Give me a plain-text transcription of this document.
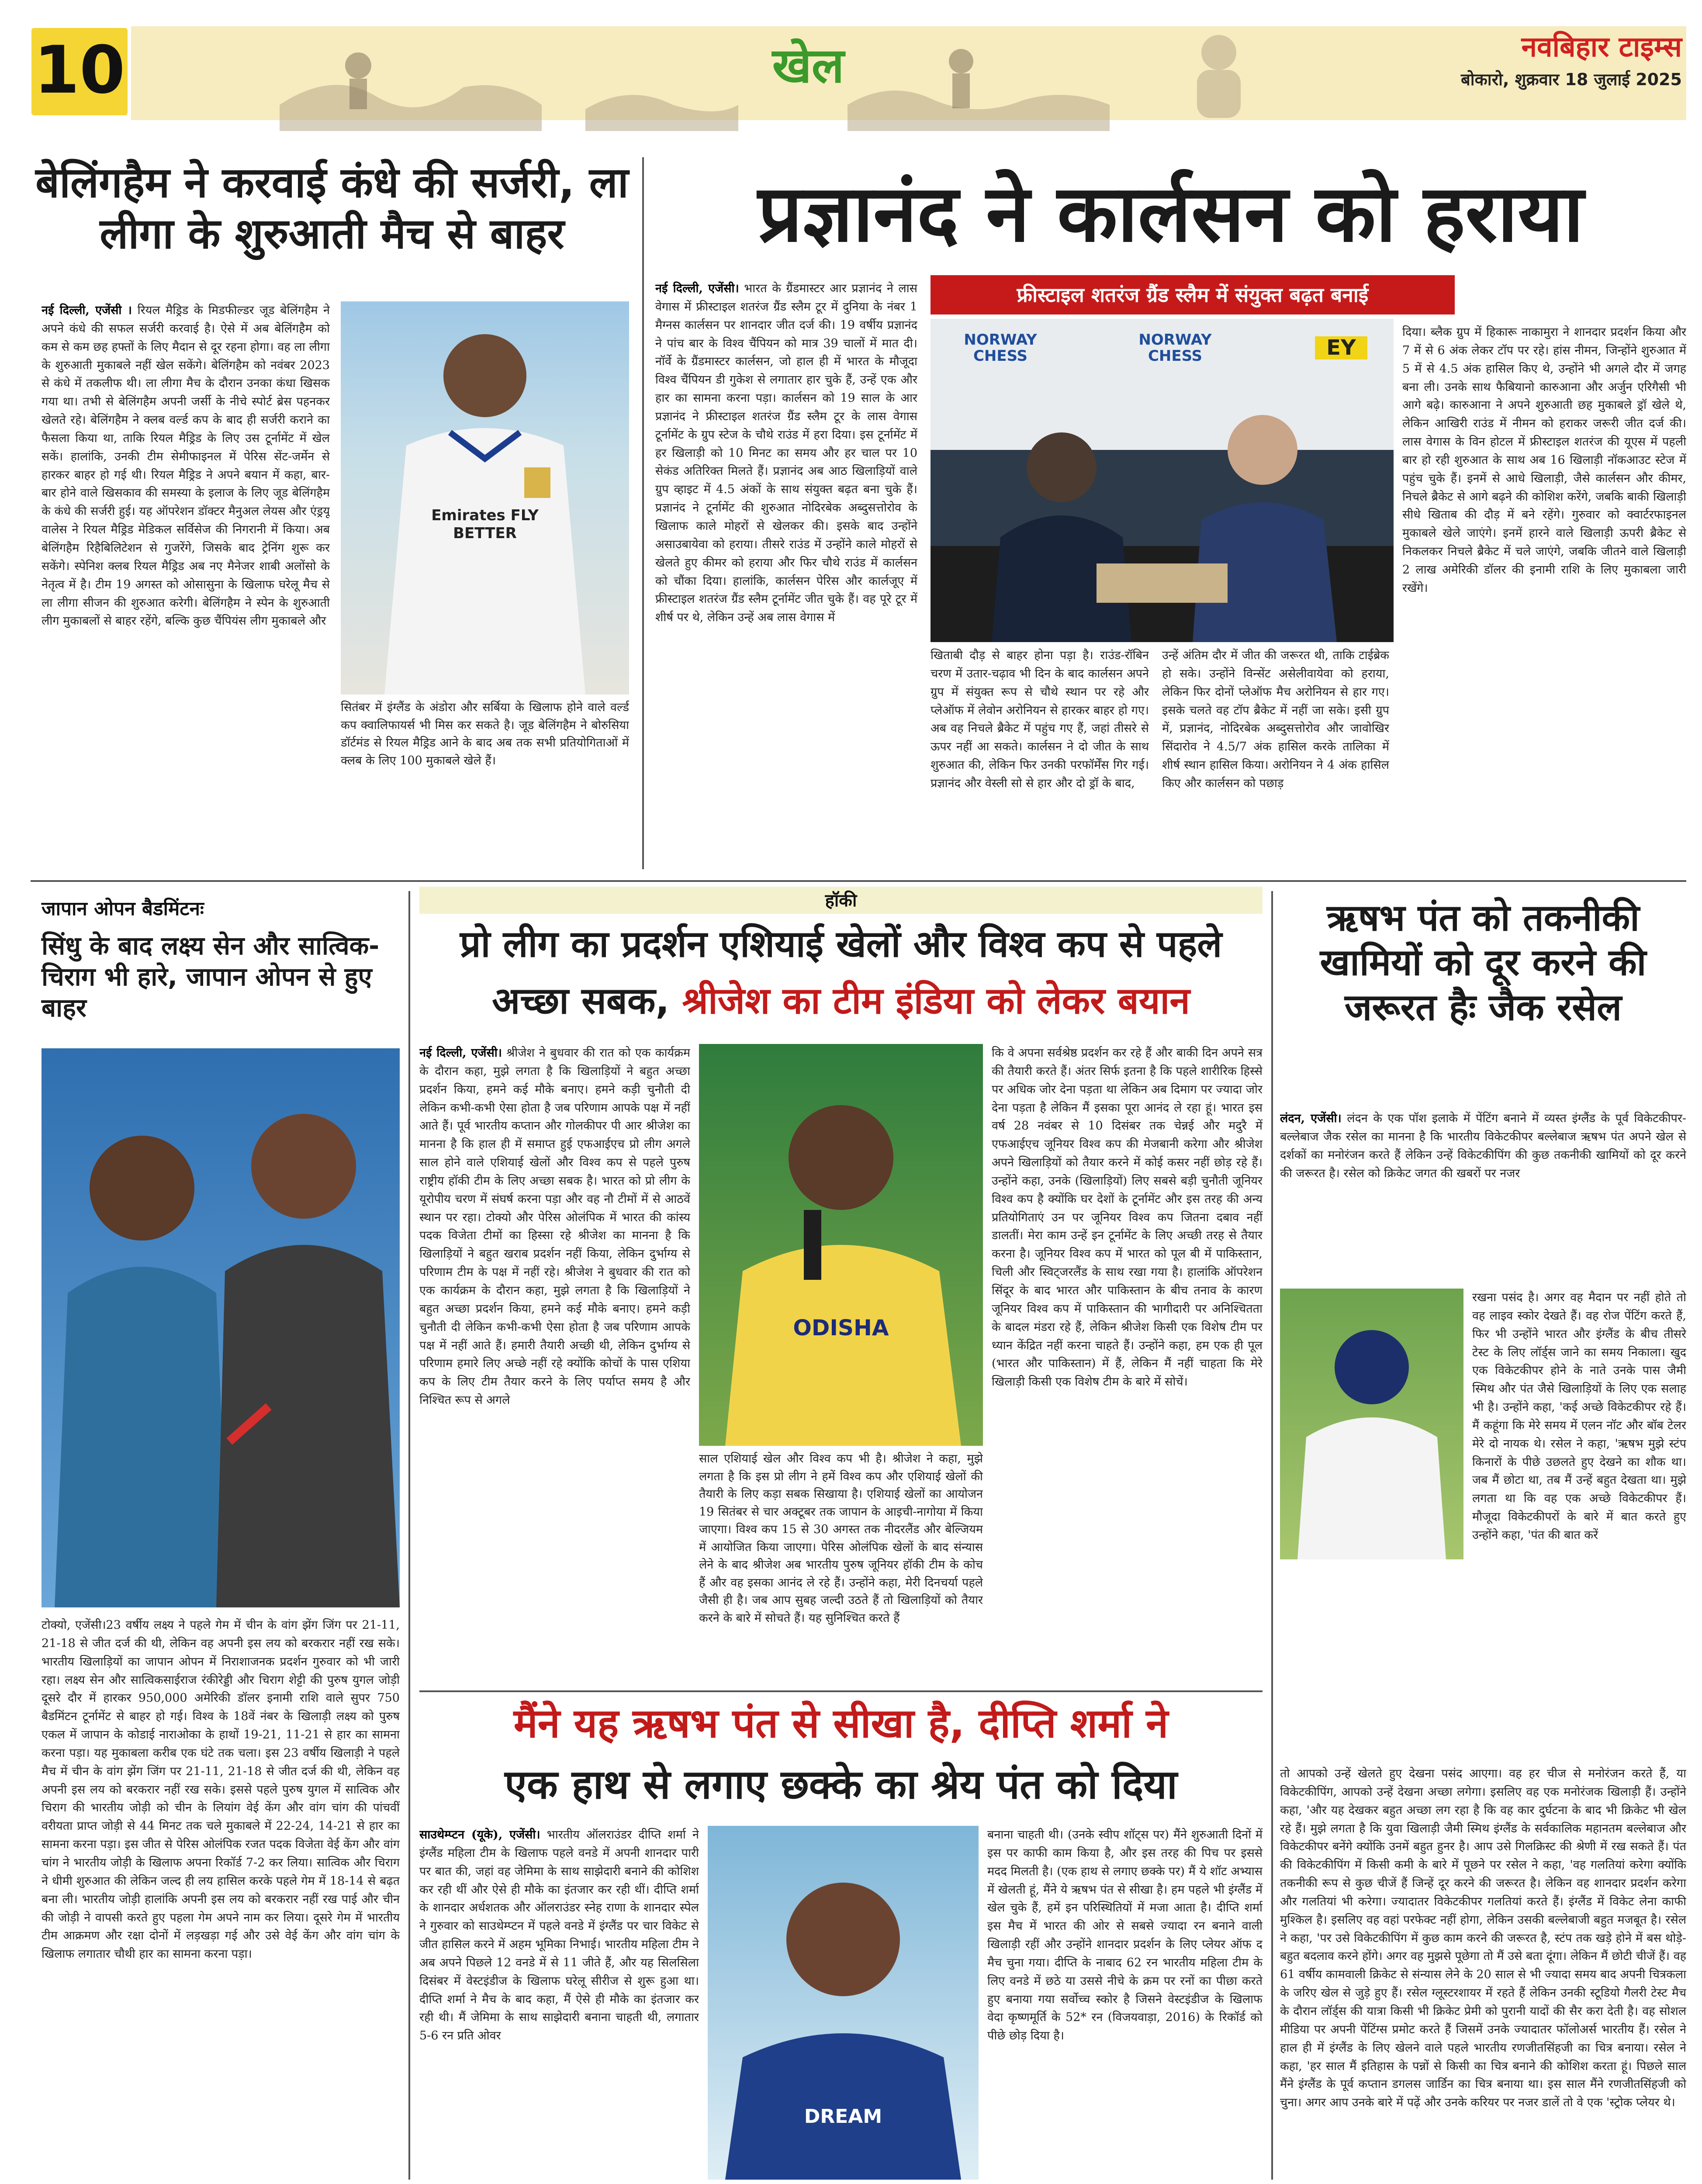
10	खेल	नवबिहार टाइम्स
बोकारो, शुक्रवार 18 जुलाई 2025
बेलिंगहैम ने करवाई कंधे की सर्जरी, ला लीगा के शुरुआती मैच से बाहर
नई दिल्ली, एजेंसी । रियल मैड्रिड के मिडफील्डर जूड बेलिंगहैम ने अपने कंधे की सफल सर्जरी करवाई है। ऐसे में अब बेलिंगहैम को कम से कम छह हफ्तों के लिए मैदान से दूर रहना होगा। वह ला लीगा के शुरुआती मुकाबले नहीं खेल सकेंगे। बेलिंगहैम को नवंबर 2023 से कंधे में तकलीफ थी। ला लीगा मैच के दौरान उनका कंधा खिसक गया था। तभी से बेलिंगहैम अपनी जर्सी के नीचे स्पोर्ट ब्रेस पहनकर खेलते रहे। बेलिंगहैम ने क्लब वर्ल्ड कप के बाद ही सर्जरी कराने का फैसला किया था, ताकि रियल मैड्रिड के लिए उस टूर्नामेंट में खेल सकें। हालांकि, उनकी टीम सेमीफाइनल में पेरिस सेंट-जर्मेन से हारकर बाहर हो गई थी। रियल मैड्रिड ने अपने बयान में कहा, बार-बार होने वाले खिसकाव की समस्या के इलाज के लिए जूड बेलिंगहैम के कंधे की सर्जरी हुई। यह ऑपरेशन डॉक्टर मैनुअल लेयस और एंड्रयू वालेस ने रियल मैड्रिड मेडिकल सर्विसेज की निगरानी में किया। अब बेलिंगहैम रिहैबिलिटेशन से गुजरेंगे, जिसके बाद ट्रेनिंग शुरू कर सकेंगे। स्पेनिश क्लब रियल मैड्रिड अब नए मैनेजर शाबी अलोंसो के नेतृत्व में है। टीम 19 अगस्त को ओसासुना के खिलाफ घरेलू मैच से ला लीगा सीजन की शुरुआत करेगी। बेलिंगहैम ने स्पेन के शुरुआती लीग मुकाबलों से बाहर रहेंगे, बल्कि कुछ चैंपियंस लीग मुकाबले और
Emirates FLY BETTER
सितंबर में इंग्लैंड के अंडोरा और सर्बिया के खिलाफ होने वाले वर्ल्ड कप क्वालिफायर्स भी मिस कर सकते है। जूड बेलिंगहैम ने बोरुसिया डॉर्टमंड से रियल मैड्रिड आने के बाद अब तक सभी प्रतियोगिताओं में क्लब के लिए 100 मुकाबले खेले हैं।
प्रज्ञानंद ने कार्लसन को हराया
फ्रीस्टाइल शतरंज ग्रैंड स्लैम में संयुक्त बढ़त बनाई
नई दिल्ली, एजेंसी। भारत के ग्रैंडमास्टर आर प्रज्ञानंद ने लास वेगास में फ्रीस्टाइल शतरंज ग्रैंड स्लैम टूर में दुनिया के नंबर 1 मैग्नस कार्लसन पर शानदार जीत दर्ज की। 19 वर्षीय प्रज्ञानंद ने पांच बार के विश्व चैंपियन को मात्र 39 चालों में मात दी। नॉर्वे के ग्रैंडमास्टर कार्लसन, जो हाल ही में भारत के मौजूदा विश्व चैंपियन डी गुकेश से लगातार हार चुके हैं, उन्हें एक और हार का सामना करना पड़ा। कार्लसन को 19 साल के आर प्रज्ञानंद ने फ्रीस्टाइल शतरंज ग्रैंड स्लैम टूर के लास वेगास टूर्नामेंट के ग्रुप स्टेज के चौथे राउंड में हरा दिया। इस टूर्नामेंट में हर खिलाड़ी को 10 मिनट का समय और हर चाल पर 10 सेकंड अतिरिक्त मिलते हैं। प्रज्ञानंद अब आठ खिलाड़ियों वाले ग्रुप व्हाइट में 4.5 अंकों के साथ संयुक्त बढ़त बना चुके हैं। प्रज्ञानंद ने टूर्नामेंट की शुरुआत नोदिरबेक अब्दुसत्तोरोव के खिलाफ काले मोहरों से खेलकर की। इसके बाद उन्होंने असाउबायेवा को हराया। तीसरे राउंड में उन्होंने काले मोहरों से खेलते हुए कीमर को हराया और फिर चौथे राउंड में कार्लसन को चौंका दिया। हालांकि, कार्लसन पेरिस और कार्लजूए में फ्रीस्टाइल शतरंज ग्रैंड स्लैम टूर्नामेंट जीत चुके हैं। वह पूरे टूर में शीर्ष पर थे, लेकिन उन्हें अब लास वेगास में
NORWAY CHESS
NORWAY CHESS	EY
खिताबी दौड़ से बाहर होना पड़ा है। राउंड-रॉबिन चरण में उतार-चढ़ाव भी दिन के बाद कार्लसन अपने ग्रुप में संयुक्त रूप से चौथे स्थान पर रहे और प्लेऑफ में लेवोन अरोनियन से हारकर बाहर हो गए। अब वह निचले ब्रैकेट में पहुंच गए हैं, जहां तीसरे से ऊपर नहीं आ सकते। कार्लसन ने दो जीत के साथ शुरुआत की, लेकिन फिर उनकी परफॉर्मेंस गिर गई। प्रज्ञानंद और वेस्ली सो से हार और दो ड्रॉ के बाद,
उन्हें अंतिम दौर में जीत की जरूरत थी, ताकि टाईब्रेक हो सके। उन्होंने विन्सेंट असेलीवायेवा को हराया, लेकिन फिर दोनों प्लेऑफ मैच अरोनियन से हार गए। इसके चलते वह टॉप ब्रैकेट में नहीं जा सके। इसी ग्रुप में, प्रज्ञानंद, नोदिरबेक अब्दुसत्तोरोव और जावोखिर सिंदारोव ने 4.5/7 अंक हासिल करके तालिका में शीर्ष स्थान हासिल किया। अरोनियन ने 4 अंक हासिल किए और कार्लसन को पछाड़
दिया। ब्लैक ग्रुप में हिकारू नाकामुरा ने शानदार प्रदर्शन किया और 7 में से 6 अंक लेकर टॉप पर रहे। हांस नीमन, जिन्होंने शुरुआत में 5 में से 4.5 अंक हासिल किए थे, उन्होंने भी अगले दौर में जगह बना ली। उनके साथ फैबियानो कारुआना और अर्जुन एरिगैसी भी आगे बढ़े। कारुआना ने अपने शुरुआती छह मुकाबले ड्रॉ खेले थे, लेकिन आखिरी राउंड में नीमन को हराकर जरूरी जीत दर्ज की। लास वेगास के विन होटल में फ्रीस्टाइल शतरंज की यूएस में पहली बार हो रही शुरुआत के साथ अब 16 खिलाड़ी नॉकआउट स्टेज में पहुंच चुके हैं। इनमें से आधे खिलाड़ी, जैसे कार्लसन और कीमर, निचले ब्रैकेट से आगे बढ़ने की कोशिश करेंगे, जबकि बाकी खिलाड़ी सीधे खिताब की दौड़ में बने रहेंगे। गुरुवार को क्वार्टरफाइनल मुकाबले खेले जाएंगे। इनमें हारने वाले खिलाड़ी ऊपरी ब्रैकेट से निकलकर निचले ब्रैकेट में चले जाएंगे, जबकि जीतने वाले खिलाड़ी 2 लाख अमेरिकी डॉलर की इनामी राशि के लिए मुकाबला जारी रखेंगे।
जापान ओपन बैडमिंटनः
सिंधु के बाद लक्ष्य सेन और सात्विक-चिराग भी हारे, जापान ओपन से हुए बाहर
टोक्यो, एजेंसी।23 वर्षीय लक्ष्य ने पहले गेम में चीन के वांग झेंग जिंग पर 21-11, 21-18 से जीत दर्ज की थी, लेकिन वह अपनी इस लय को बरकरार नहीं रख सके। भारतीय खिलाड़ियों का जापान ओपन में निराशाजनक प्रदर्शन गुरुवार को भी जारी रहा। लक्ष्य सेन और सात्विकसाईराज रंकीरेड्डी और चिराग शेट्टी की पुरुष युगल जोड़ी दूसरे दौर में हारकर 950,000 अमेरिकी डॉलर इनामी राशि वाले सुपर 750 बैडमिंटन टूर्नामेंट से बाहर हो गई। विश्व के 18वें नंबर के खिलाड़ी लक्ष्य को पुरुष एकल में जापान के कोडाई नाराओका के हाथों 19-21, 11-21 से हार का सामना करना पड़ा। यह मुकाबला करीब एक घंटे तक चला। इस 23 वर्षीय खिलाड़ी ने पहले मैच में चीन के वांग झेंग जिंग पर 21-11, 21-18 से जीत दर्ज की थी, लेकिन वह अपनी इस लय को बरकरार नहीं रख सके। इससे पहले पुरुष युगल में सात्विक और चिराग की भारतीय जोड़ी को चीन के लियांग वेई केंग और वांग चांग की पांचवीं वरीयता प्राप्त जोड़ी से 44 मिनट तक चले मुकाबले में 22-24, 14-21 से हार का सामना करना पड़ा। इस जीत से पेरिस ओलंपिक रजत पदक विजेता वेई केंग और वांग चांग ने भारतीय जोड़ी के खिलाफ अपना रिकॉर्ड 7-2 कर लिया। सात्विक और चिराग ने धीमी शुरुआत की लेकिन जल्द ही लय हासिल करके पहले गेम में 18-14 से बढ़त बना ली। भारतीय जोड़ी हालांकि अपनी इस लय को बरकरार नहीं रख पाई और चीन की जोड़ी ने वापसी करते हुए पहला गेम अपने नाम कर लिया। दूसरे गेम में भारतीय टीम आक्रमण और रक्षा दोनों में लड़खड़ा गई और उसे वेई केंग और वांग चांग के खिलाफ लगातार चौथी हार का सामना करना पड़ा।
हॉकी
प्रो लीग का प्रदर्शन एशियाई खेलों और विश्व कप से पहले
अच्छा सबक, श्रीजेश का टीम इंडिया को लेकर बयान
नई दिल्ली, एजेंसी। श्रीजेश ने बुधवार की रात को एक कार्यक्रम के दौरान कहा, मुझे लगता है कि खिलाड़ियों ने बहुत अच्छा प्रदर्शन किया, हमने कई मौके बनाए। हमने कड़ी चुनौती दी लेकिन कभी-कभी ऐसा होता है जब परिणाम आपके पक्ष में नहीं आते हैं। पूर्व भारतीय कप्तान और गोलकीपर पी आर श्रीजेश का मानना है कि हाल ही में समाप्त हुई एफआईएच प्रो लीग अगले साल होने वाले एशियाई खेलों और विश्व कप से पहले पुरुष राष्ट्रीय हॉकी टीम के लिए अच्छा सबक है। भारत को प्रो लीग के यूरोपीय चरण में संघर्ष करना पड़ा और वह नौ टीमों में से आठवें स्थान पर रहा। टोक्यो और पेरिस ओलंपिक में भारत की कांस्य पदक विजेता टीमों का हिस्सा रहे श्रीजेश का मानना है कि खिलाड़ियों ने बहुत खराब प्रदर्शन नहीं किया, लेकिन दुर्भाग्य से परिणाम टीम के पक्ष में नहीं रहे। श्रीजेश ने बुधवार की रात को एक कार्यक्रम के दौरान कहा, मुझे लगता है कि खिलाड़ियों ने बहुत अच्छा प्रदर्शन किया, हमने कई मौके बनाए। हमने कड़ी चुनौती दी लेकिन कभी-कभी ऐसा होता है जब परिणाम आपके पक्ष में नहीं आते हैं। हमारी तैयारी अच्छी थी, लेकिन दुर्भाग्य से परिणाम हमारे लिए अच्छे नहीं रहे क्योंकि कोचों के पास एशिया कप के लिए टीम तैयार करने के लिए पर्याप्त समय है और निश्चित रूप से अगले
ODISHA
साल एशियाई खेल और विश्व कप भी है। श्रीजेश ने कहा, मुझे लगता है कि इस प्रो लीग ने हमें विश्व कप और एशियाई खेलों की तैयारी के लिए कड़ा सबक सिखाया है। एशियाई खेलों का आयोजन 19 सितंबर से चार अक्टूबर तक जापान के आइची-नागोया में किया जाएगा। विश्व कप 15 से 30 अगस्त तक नीदरलैंड और बेल्जियम में आयोजित किया जाएगा। पेरिस ओलंपिक खेलों के बाद संन्यास लेने के बाद श्रीजेश अब भारतीय पुरुष जूनियर हॉकी टीम के कोच हैं और वह इसका आनंद ले रहे हैं। उन्होंने कहा, मेरी दिनचर्या पहले जैसी ही है। जब आप सुबह जल्दी उठते हैं तो खिलाड़ियों को तैयार करने के बारे में सोचते हैं। यह सुनिश्चित करते हैं
कि वे अपना सर्वश्रेष्ठ प्रदर्शन कर रहे हैं और बाकी दिन अपने सत्र की तैयारी करते हैं। अंतर सिर्फ इतना है कि पहले शारीरिक हिस्से पर अधिक जोर देना पड़ता था लेकिन अब दिमाग पर ज्यादा जोर देना पड़ता है लेकिन मैं इसका पूरा आनंद ले रहा हूं। भारत इस वर्ष 28 नवंबर से 10 दिसंबर तक चेन्नई और मदुरै में एफआईएच जूनियर विश्व कप की मेजबानी करेगा और श्रीजेश अपने खिलाड़ियों को तैयार करने में कोई कसर नहीं छोड़ रहे हैं। उन्होंने कहा, उनके (खिलाड़ियों) लिए सबसे बड़ी चुनौती जूनियर विश्व कप है क्योंकि घर देशों के टूर्नामेंट और इस तरह की अन्य प्रतियोगिताएं उन पर जूनियर विश्व कप जितना दबाव नहीं डालतीं। मेरा काम उन्हें इन टूर्नामेंट के लिए अच्छी तरह से तैयार करना है। जूनियर विश्व कप में भारत को पूल बी में पाकिस्तान, चिली और स्विट्जरलैंड के साथ रखा गया है। हालांकि ऑपरेशन सिंदूर के बाद भारत और पाकिस्तान के बीच तनाव के कारण जूनियर विश्व कप में पाकिस्तान की भागीदारी पर अनिश्चितता के बादल मंडरा रहे हैं, लेकिन श्रीजेश किसी एक विशेष टीम पर ध्यान केंद्रित नहीं करना चाहते हैं। उन्होंने कहा, हम एक ही पूल (भारत और पाकिस्तान) में हैं, लेकिन मैं नहीं चाहता कि मेरे खिलाड़ी किसी एक विशेष टीम के बारे में सोचें।
मैंने यह ऋषभ पंत से सीखा है, दीप्ति शर्मा ने
एक हाथ से लगाए छक्के का श्रेय पंत को दिया
साउथेम्प्टन (यूके), एजेंसी। भारतीय ऑलराउंडर दीप्ति शर्मा ने इंग्लैंड महिला टीम के खिलाफ पहले वनडे में अपनी शानदार पारी पर बात की, जहां वह जेमिमा के साथ साझेदारी बनाने की कोशिश कर रही थीं और ऐसे ही मौके का इंतजार कर रही थीं। दीप्ति शर्मा के शानदार अर्धशतक और ऑलराउंडर स्नेह राणा के शानदार स्पेल ने गुरुवार को साउथेम्प्टन में पहले वनडे में इंग्लैंड पर चार विकेट से जीत हासिल करने में अहम भूमिका निभाई। भारतीय महिला टीम ने अब अपने पिछले 12 वनडे में से 11 जीते हैं, और यह सिलसिला दिसंबर में वेस्टइंडीज के खिलाफ घरेलू सीरीज से शुरू हुआ था। दीप्ति शर्मा ने मैच के बाद कहा, मैं ऐसे ही मौके का इंतजार कर रही थी। मैं जेमिमा के साथ साझेदारी बनाना चाहती थी, लगातार 5-6 रन प्रति ओवर
DREAM
बनाना चाहती थी। (उनके स्वीप शॉट्स पर) मैंने शुरुआती दिनों में इस पर काफी काम किया है, और इस तरह की पिच पर इससे मदद मिलती है। (एक हाथ से लगाए छक्के पर) मैं ये शॉट अभ्यास में खेलती हूं, मैंने ये ऋषभ पंत से सीखा है। हम पहले भी इंग्लैंड में खेल चुके हैं, हमें इन परिस्थितियों में मजा आता है। दीप्ति शर्मा इस मैच में भारत की ओर से सबसे ज्यादा रन बनाने वाली खिलाड़ी रहीं और उन्होंने शानदार प्रदर्शन के लिए प्लेयर ऑफ द मैच चुना गया। दीप्ति के नाबाद 62 रन भारतीय महिला टीम के लिए वनडे में छठे या उससे नीचे के क्रम पर रनों का पीछा करते हुए बनाया गया सर्वोच्च स्कोर है जिसने वेस्टइंडीज के खिलाफ वेदा कृष्णमूर्ति के 52* रन (विजयवाड़ा, 2016) के रिकॉर्ड को पीछे छोड़ दिया है।
ऋषभ पंत को तकनीकी खामियों को दूर करने की जरूरत हैः जैक रसेल
लंदन, एजेंसी। लंदन के एक पॉश इलाके में पेंटिंग बनाने में व्यस्त इंग्लैंड के पूर्व विकेटकीपर-बल्लेबाज जैक रसेल का मानना है कि भारतीय विकेटकीपर बल्लेबाज ऋषभ पंत अपने खेल से दर्शकों का मनोरंजन करते हैं लेकिन उन्हें विकेटकीपिंग की कुछ तकनीकी खामियों को दूर करने की जरूरत है। रसेल को क्रिकेट जगत की खबरों पर नजर
रखना पसंद है। अगर वह मैदान पर नहीं होते तो वह लाइव स्कोर देखते हैं। वह रोज पेंटिंग करते हैं, फिर भी उन्होंने भारत और इंग्लैंड के बीच तीसरे टेस्ट के लिए लॉर्ड्स जाने का समय निकाला। खुद एक विकेटकीपर होने के नाते उनके पास जैमी स्मिथ और पंत जैसे खिलाड़ियों के लिए एक सलाह भी है। उन्होंने कहा, 'कई अच्छे विकेटकीपर रहे हैं। मैं कहूंगा कि मेरे समय में एलन नॉट और बॉब टेलर मेरे दो नायक थे। रसेल ने कहा, 'ऋषभ मुझे स्टंप किनारों के पीछे उछलते हुए देखने का शौक था। जब मैं छोटा था, तब मैं उन्हें बहुत देखता था। मुझे लगता था कि वह एक अच्छे विकेटकीपर हैं। मौजूदा विकेटकीपरों के बारे में बात करते हुए उन्होंने कहा, 'पंत की बात करें
तो आपको उन्हें खेलते हुए देखना पसंद आएगा। वह हर चीज से मनोरंजन करते हैं, या विकेटकीपिंग, आपको उन्हें देखना अच्छा लगेगा। इसलिए वह एक मनोरंजक खिलाड़ी हैं। उन्होंने कहा, 'और यह देखकर बहुत अच्छा लग रहा है कि वह कार दुर्घटना के बाद भी क्रिकेट भी खेल रहे हैं। मुझे लगता है कि युवा खिलाड़ी जैमी स्मिथ इंग्लैंड के सर्वकालिक महानतम बल्लेबाज और विकेटकीपर बनेंगे क्योंकि उनमें बहुत हुनर है। आप उसे गिलक्रिस्ट की श्रेणी में रख सकते हैं। पंत की विकेटकीपिंग में किसी कमी के बारे में पूछने पर रसेल ने कहा, 'वह गलतियां करेगा क्योंकि तकनीकी रूप से कुछ चीजें हैं जिन्हें दूर करने की जरूरत है। लेकिन वह शानदार प्रदर्शन करेगा और गलतियां भी करेगा। ज्यादातर विकेटकीपर गलतियां करते हैं। इंग्लैंड में विकेट लेना काफी मुश्किल है। इसलिए वह वहां परफेक्ट नहीं होगा, लेकिन उसकी बल्लेबाजी बहुत मजबूत है। रसेल ने कहा, 'पर उसे विकेटकीपिंग में कुछ काम करने की जरूरत है, स्टंप तक खड़े होने में बस थोड़े-बहुत बदलाव करने होंगे। अगर वह मुझसे पूछेगा तो मैं उसे बता दूंगा। लेकिन मैं छोटी चीजें हैं। वह 61 वर्षीय कामवाली क्रिकेट से संन्यास लेने के 20 साल से भी ज्यादा समय बाद अपनी चित्रकला के जरिए खेल से जुड़े हुए हैं। रसेल ग्लूस्टरशायर में रहते हैं लेकिन उनकी स्टूडियो गैलरी टेस्ट मैच के दौरान लॉर्ड्स की यात्रा किसी भी क्रिकेट प्रेमी को पुरानी यादों की सैर करा देती है। वह सोशल मीडिया पर अपनी पेंटिंग्स प्रमोट करते हैं जिसमें उनके ज्यादातर फॉलोअर्स भारतीय हैं। रसेल ने हाल ही में इंग्लैंड के लिए खेलने वाले पहले भारतीय रणजीतसिंहजी का चित्र बनाया। रसेल ने कहा, 'हर साल मैं इतिहास के पन्नों से किसी का चित्र बनाने की कोशिश करता हूं। पिछले साल मैंने इंग्लैंड के पूर्व कप्तान डगलस जार्डिन का चित्र बनाया था। इस साल मैंने रणजीतसिंहजी को चुना। अगर आप उनके बारे में पढ़ें और उनके करियर पर नजर डालें तो वे एक 'स्ट्रोक प्लेयर थे।
